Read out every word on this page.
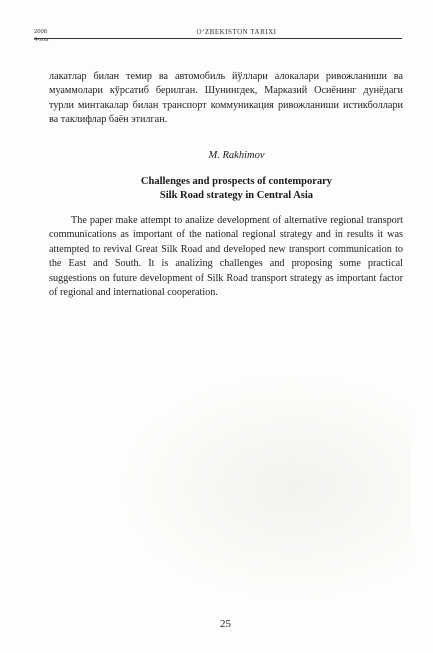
2008
4-son
O‘ZBEKISTON TARIXI

лакатлар билан темир ва автомобиль йўллари алокалари ривожланиши ва муаммолари кўрсатиб берилган. Шунингдек, Марказий Осиёнинг дунёдаги турли минтакалар билан транспорт коммуникация ривожланиши истикболлари ва таклифлар баён этилган.

M. Rakhimov
Challenges and prospects of contemporary
Silk Road strategy in Central Asia

The paper make attempt to analize development of alternative regional transport communications as important of the national regional strategy and in results it was attempted to revival Great Silk Road and developed new transport communication to the East and South. It is analizing challenges and proposing some practical suggestions on future development of Silk Road transport strategy as important factor of regional and international cooperation.

25
